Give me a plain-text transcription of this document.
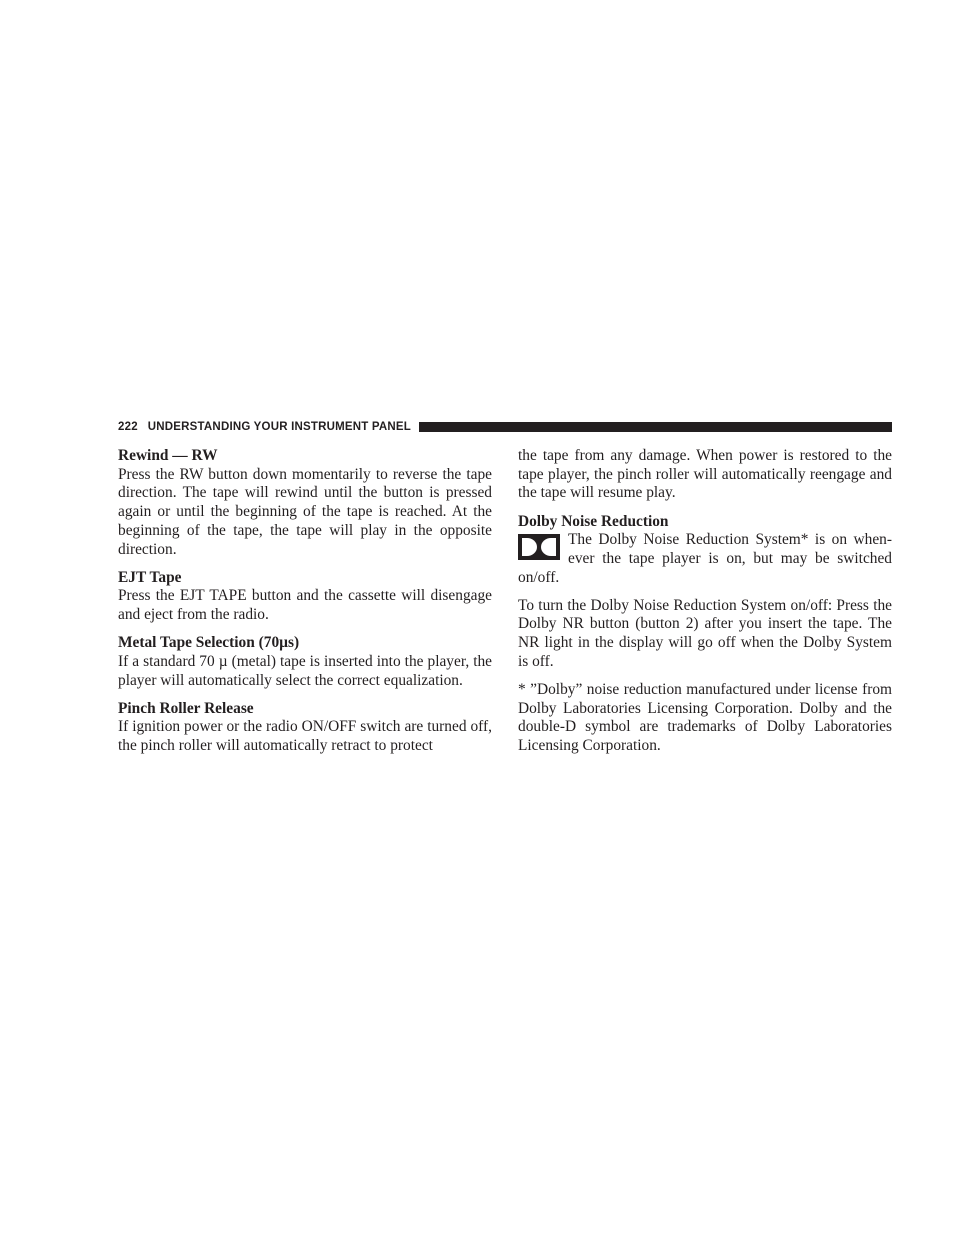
222 UNDERSTANDING YOUR INSTRUMENT PANEL

Rewind — RW

Press the RW button down momentarily to reverse the tape direction. The tape will rewind until the button is pressed again or until the beginning of the tape is reached. At the beginning of the tape, the tape will play in the opposite direction.

EJT Tape

Press the EJT TAPE button and the cassette will disengage and eject from the radio.

Metal Tape Selection (70µs)

If a standard 70 µ (metal) tape is inserted into the player, the player will automatically select the correct equalization.

Pinch Roller Release

If ignition power or the radio ON/OFF switch are turned off, the pinch roller will automatically retract to protect

the tape from any damage. When power is restored to the tape player, the pinch roller will automatically reengage and the tape will resume play.

Dolby Noise Reduction

The Dolby Noise Reduction System* is on whenever the tape player is on, but may be switched on/off.

To turn the Dolby Noise Reduction System on/off: Press the Dolby NR button (button 2) after you insert the tape. The NR light in the display will go off when the Dolby System is off.

* ”Dolby” noise reduction manufactured under license from Dolby Laboratories Licensing Corporation. Dolby and the double-D symbol are trademarks of Dolby Laboratories Licensing Corporation.
